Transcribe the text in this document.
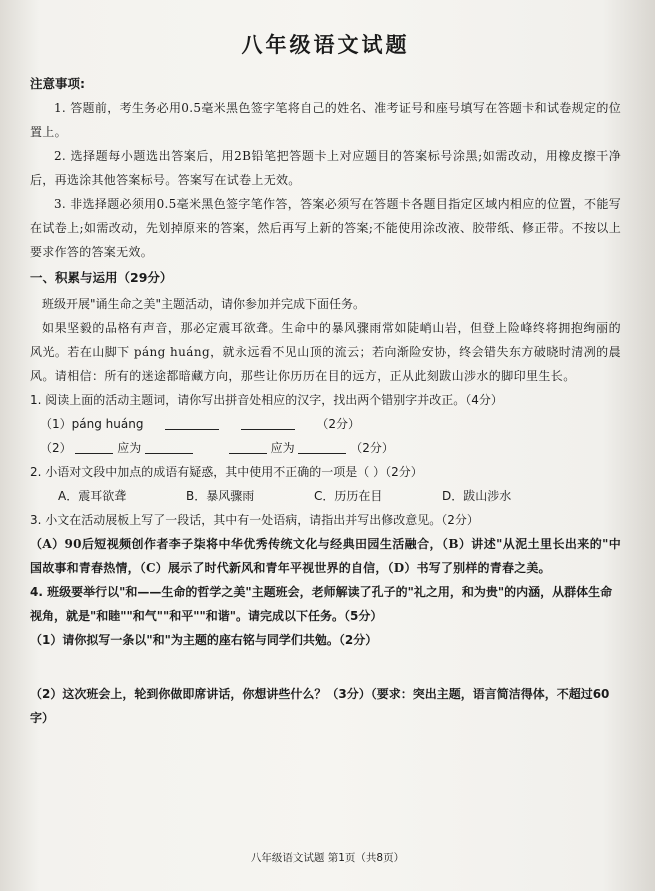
八年级语文试题
注意事项:

1. 答题前，考生务必用0.5毫米黑色签字笔将自己的姓名、准考证号和座号填写在答题卡和试卷规定的位置上。

2. 选择题每小题选出答案后，用2B铅笔把答题卡上对应题目的答案标号涂黑;如需改动，用橡皮擦干净后，再选涂其他答案标号。答案写在试卷上无效。

3. 非选择题必须用0.5毫米黑色签字笔作答，答案必须写在答题卡各题目指定区域内相应的位置，不能写在试卷上;如需改动，先划掉原来的答案，然后再写上新的答案;不能使用涂改液、胶带纸、修正带。不按以上要求作答的答案无效。

一、积累与运用（29分）

班级开展"诵生命之美"主题活动，请你参加并完成下面任务。

如果坚毅的品格有声音，那必定震耳欲聋。生命中的暴风骤雨常如陡峭山岩，但登上险峰终将拥抱绚丽的风光。若在山脚下 páng huáng，就永远看不见山顶的流云；若向渐险安协，终会错失东方破晓时清冽的晨风。请相信：所有的迷途都暗藏方向，那些让你历历在目的远方，正从此刻跋山涉水的脚印里生长。

1. 阅读上面的活动主题词，请你写出拼音处相应的汉字，找出两个错别字并改正。（4分）

（1）páng huáng	（2分）
（2）	应为	应为	（2分）

2. 小语对文段中加点的成语有疑惑，其中使用不正确的一项是（ ）（2分）

A．震耳欲聋	B．暴风骤雨	C．历历在目	D．跋山涉水

3. 小文在活动展板上写了一段话，其中有一处语病，请指出并写出修改意见。（2分）

（A）90后短视频创作者李子柒将中华优秀传统文化与经典田园生活融合，（B）讲述"从泥土里长出来的"中国故事和青春热情，（C）展示了时代新风和青年平视世界的自信，（D）书写了别样的青春之美。

4. 班级要举行以"和——生命的哲学之美"主题班会，老师解读了孔子的"礼之用，和为贵"的内涵，从群体生命视角，就是"和睦""和气""和平""和谐"。请完成以下任务。（5分）

（1）请你拟写一条以"和"为主题的座右铭与同学们共勉。（2分）

（2）这次班会上，轮到你做即席讲话，你想讲些什么？（3分）（要求：突出主题，语言简洁得体，不超过60字）

八年级语文试题 第1页（共8页）
